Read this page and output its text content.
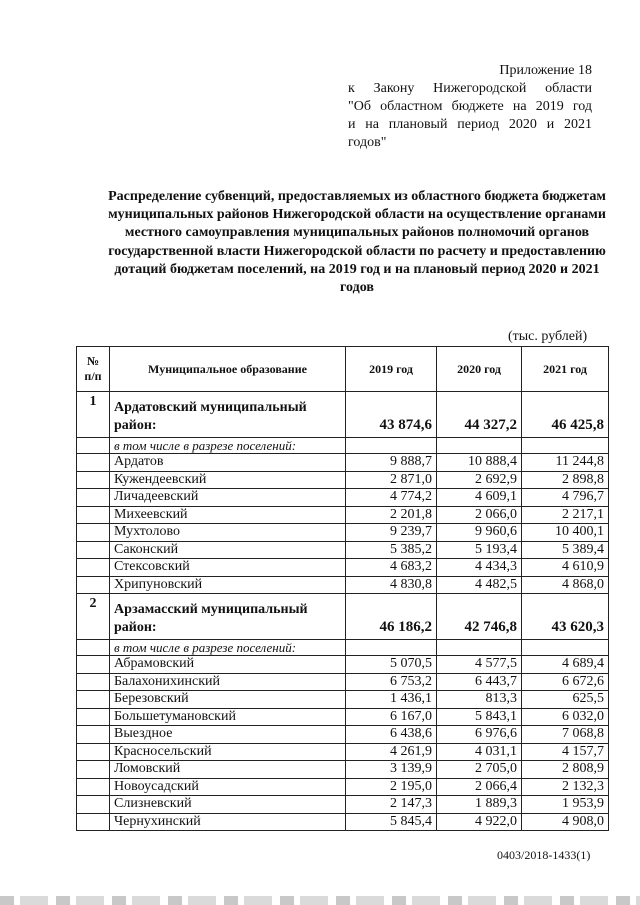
Приложение 18
к Закону Нижегородской области
"Об областном бюджете на 2019 год
и на плановый период 2020 и 2021
годов"
Распределение субвенций, предоставляемых из областного бюджета бюджетам муниципальных районов Нижегородской области на осуществление органами местного самоуправления муниципальных районов полномочий органов государственной власти Нижегородской области по расчету и предоставлению дотаций бюджетам поселений, на 2019 год и на плановый период 2020 и 2021 годов
(тыс. рублей)
№ п/п	Муниципальное образование	2019 год	2020 год	2021 год
1	Ардатовский муниципальный район:	43 874,6	44 327,2	46 425,8
	в том числе в разрезе поселений:			
	Ардатов	9 888,7	10 888,4	11 244,8
	Кужендеевский	2 871,0	2 692,9	2 898,8
	Личадеевский	4 774,2	4 609,1	4 796,7
	Михеевский	2 201,8	2 066,0	2 217,1
	Мухтолово	9 239,7	9 960,6	10 400,1
	Саконский	5 385,2	5 193,4	5 389,4
	Стексовский	4 683,2	4 434,3	4 610,9
	Хрипуновский	4 830,8	4 482,5	4 868,0
2	Арзамасский муниципальный район:	46 186,2	42 746,8	43 620,3
	в том числе в разрезе поселений:			
	Абрамовский	5 070,5	4 577,5	4 689,4
	Балахонихинский	6 753,2	6 443,7	6 672,6
	Березовский	1 436,1	813,3	625,5
	Большетумановский	6 167,0	5 843,1	6 032,0
	Выездное	6 438,6	6 976,6	7 068,8
	Красносельский	4 261,9	4 031,1	4 157,7
	Ломовский	3 139,9	2 705,0	2 808,9
	Новоусадский	2 195,0	2 066,4	2 132,3
	Слизневский	2 147,3	1 889,3	1 953,9
	Чернухинский	5 845,4	4 922,0	4 908,0
0403/2018-1433(1)
